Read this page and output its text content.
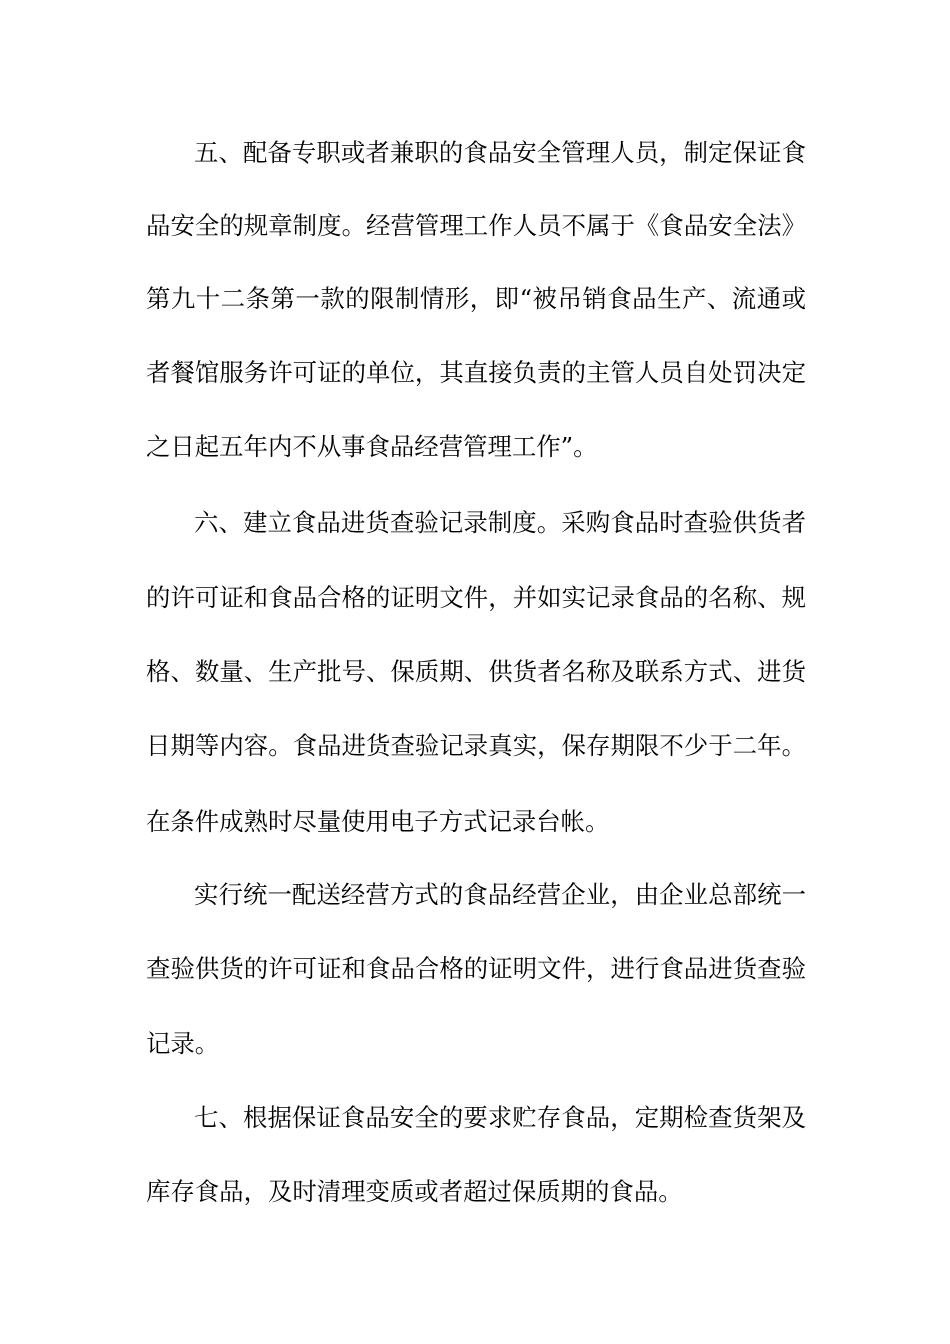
五、配备专职或者兼职的食品安全管理人员，制定保证食
品安全的规章制度。经营管理工作人员不属于《食品安全法》
第九十二条第一款的限制情形，即“被吊销食品生产、流通或
者餐馆服务许可证的单位，其直接负责的主管人员自处罚决定
之日起五年内不从事食品经营管理工作”。
六、建立食品进货查验记录制度。采购食品时查验供货者
的许可证和食品合格的证明文件，并如实记录食品的名称、规
格、数量、生产批号、保质期、供货者名称及联系方式、进货
日期等内容。食品进货查验记录真实，保存期限不少于二年。
在条件成熟时尽量使用电子方式记录台帐。
实行统一配送经营方式的食品经营企业，由企业总部统一
查验供货的许可证和食品合格的证明文件，进行食品进货查验
记录。
七、根据保证食品安全的要求贮存食品，定期检查货架及
库存食品，及时清理变质或者超过保质期的食品。
